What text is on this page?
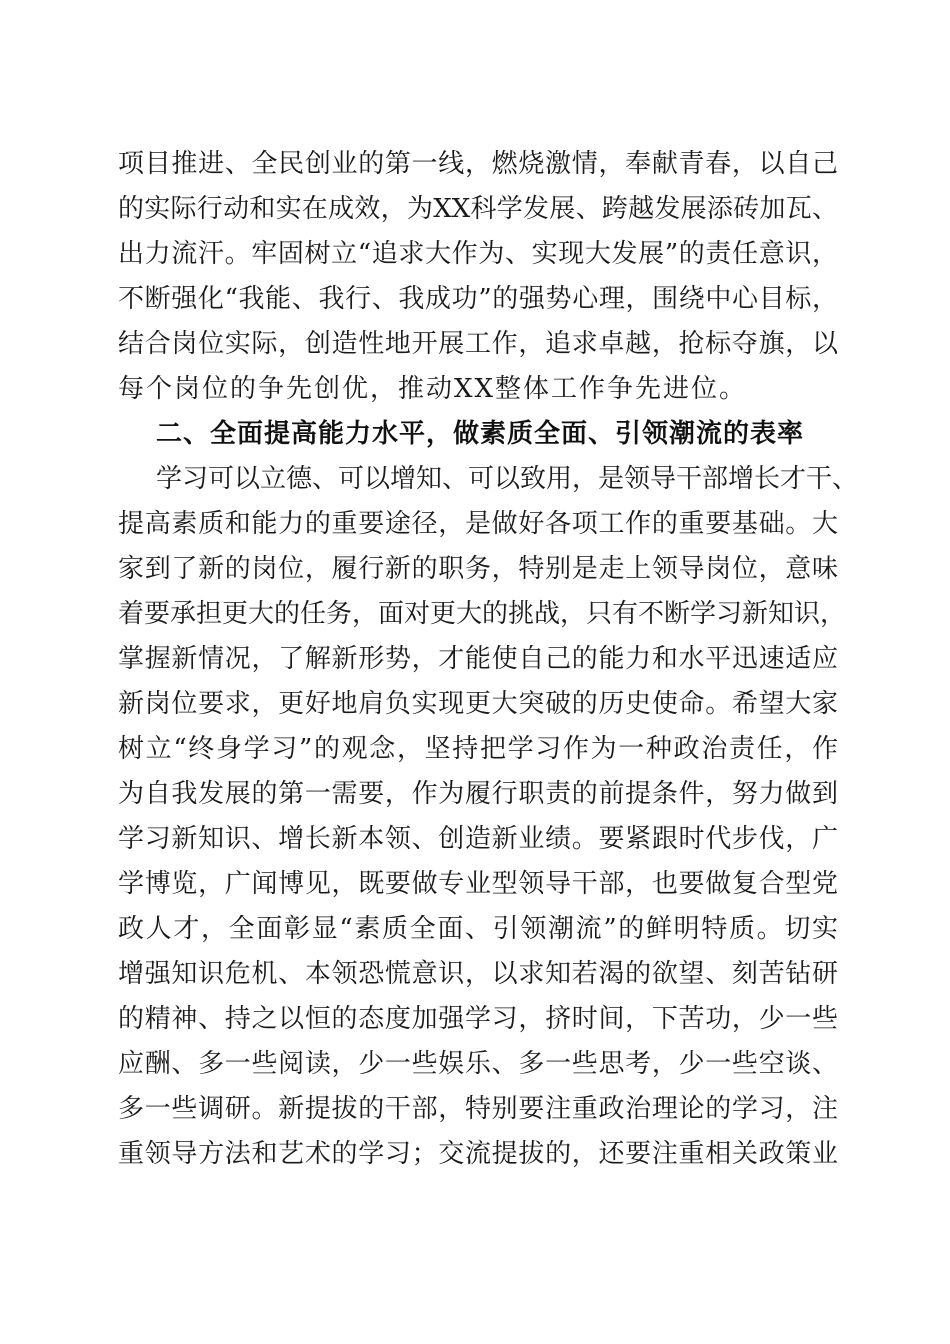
项目推进、全民创业的第一线，燃烧激情，奉献青春，以自己
的实际行动和实在成效，为XX科学发展、跨越发展添砖加瓦、
出力流汗。牢固树立“追求大作为、实现大发展”的责任意识，
不断强化“我能、我行、我成功”的强势心理，围绕中心目标，
结合岗位实际，创造性地开展工作，追求卓越，抢标夺旗，以
每个岗位的争先创优，推动XX整体工作争先进位。
二、全面提高能力水平，做素质全面、引领潮流的表率
学习可以立德、可以增知、可以致用，是领导干部增长才干、
提高素质和能力的重要途径，是做好各项工作的重要基础。大
家到了新的岗位，履行新的职务，特别是走上领导岗位，意味
着要承担更大的任务，面对更大的挑战，只有不断学习新知识，
掌握新情况，了解新形势，才能使自己的能力和水平迅速适应
新岗位要求，更好地肩负实现更大突破的历史使命。希望大家
树立“终身学习”的观念，坚持把学习作为一种政治责任，作
为自我发展的第一需要，作为履行职责的前提条件，努力做到
学习新知识、增长新本领、创造新业绩。要紧跟时代步伐，广
学博览，广闻博见，既要做专业型领导干部，也要做复合型党
政人才，全面彰显“素质全面、引领潮流”的鲜明特质。切实
增强知识危机、本领恐慌意识，以求知若渴的欲望、刻苦钻研
的精神、持之以恒的态度加强学习，挤时间，下苦功，少一些
应酬、多一些阅读，少一些娱乐、多一些思考，少一些空谈、
多一些调研。新提拔的干部，特别要注重政治理论的学习，注
重领导方法和艺术的学习；交流提拔的，还要注重相关政策业
